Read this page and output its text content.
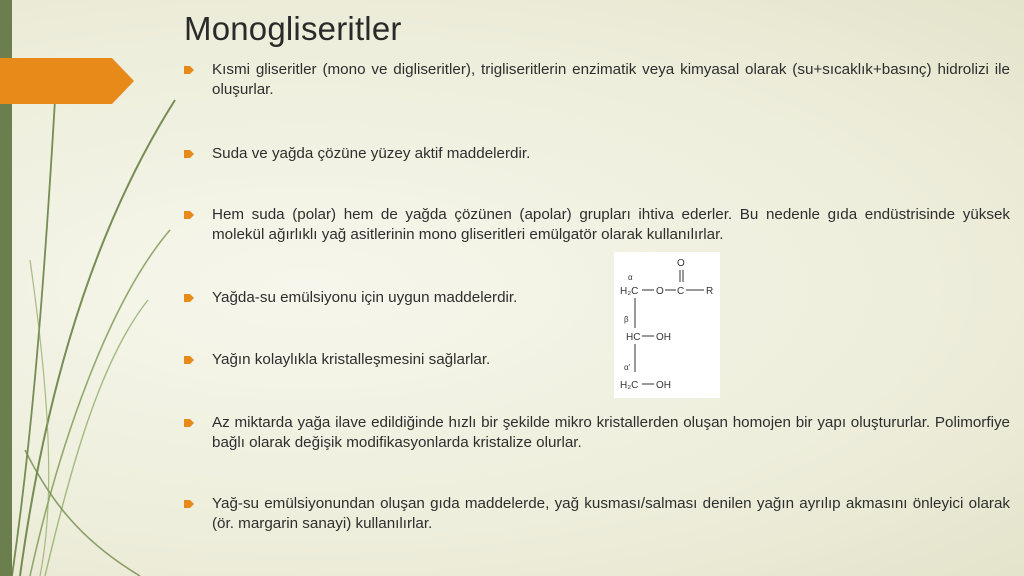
Monogliseritler
Kısmi gliseritler (mono ve digliseritler), trigliseritlerin enzimatik veya kimyasal olarak (su+sıcaklık+basınç) hidrolizi ile oluşurlar.
Suda ve yağda çözüne yüzey aktif maddelerdir.
Hem suda (polar) hem de yağda çözünen (apolar) grupları ihtiva ederler. Bu nedenle gıda endüstrisinde yüksek molekül ağırlıklı yağ asitlerinin mono gliseritleri emülgatör olarak kullanılırlar.
Yağda-su emülsiyonu için uygun maddelerdir.
Yağın kolaylıkla kristalleşmesini sağlarlar.
Az miktarda yağa ilave edildiğinde hızlı bir şekilde mikro kristallerden oluşan homojen bir yapı oluştururlar. Polimorfiye bağlı olarak değişik modifikasyonlarda kristalize olurlar.
Yağ-su emülsiyonundan oluşan gıda maddelerde, yağ kusması/salması denilen yağın ayrılıp akmasını önleyici olarak (ör. margarin sanayi) kullanılırlar.
O
α
H₂C O C R
β
HC OH
α'
H₂C OH
